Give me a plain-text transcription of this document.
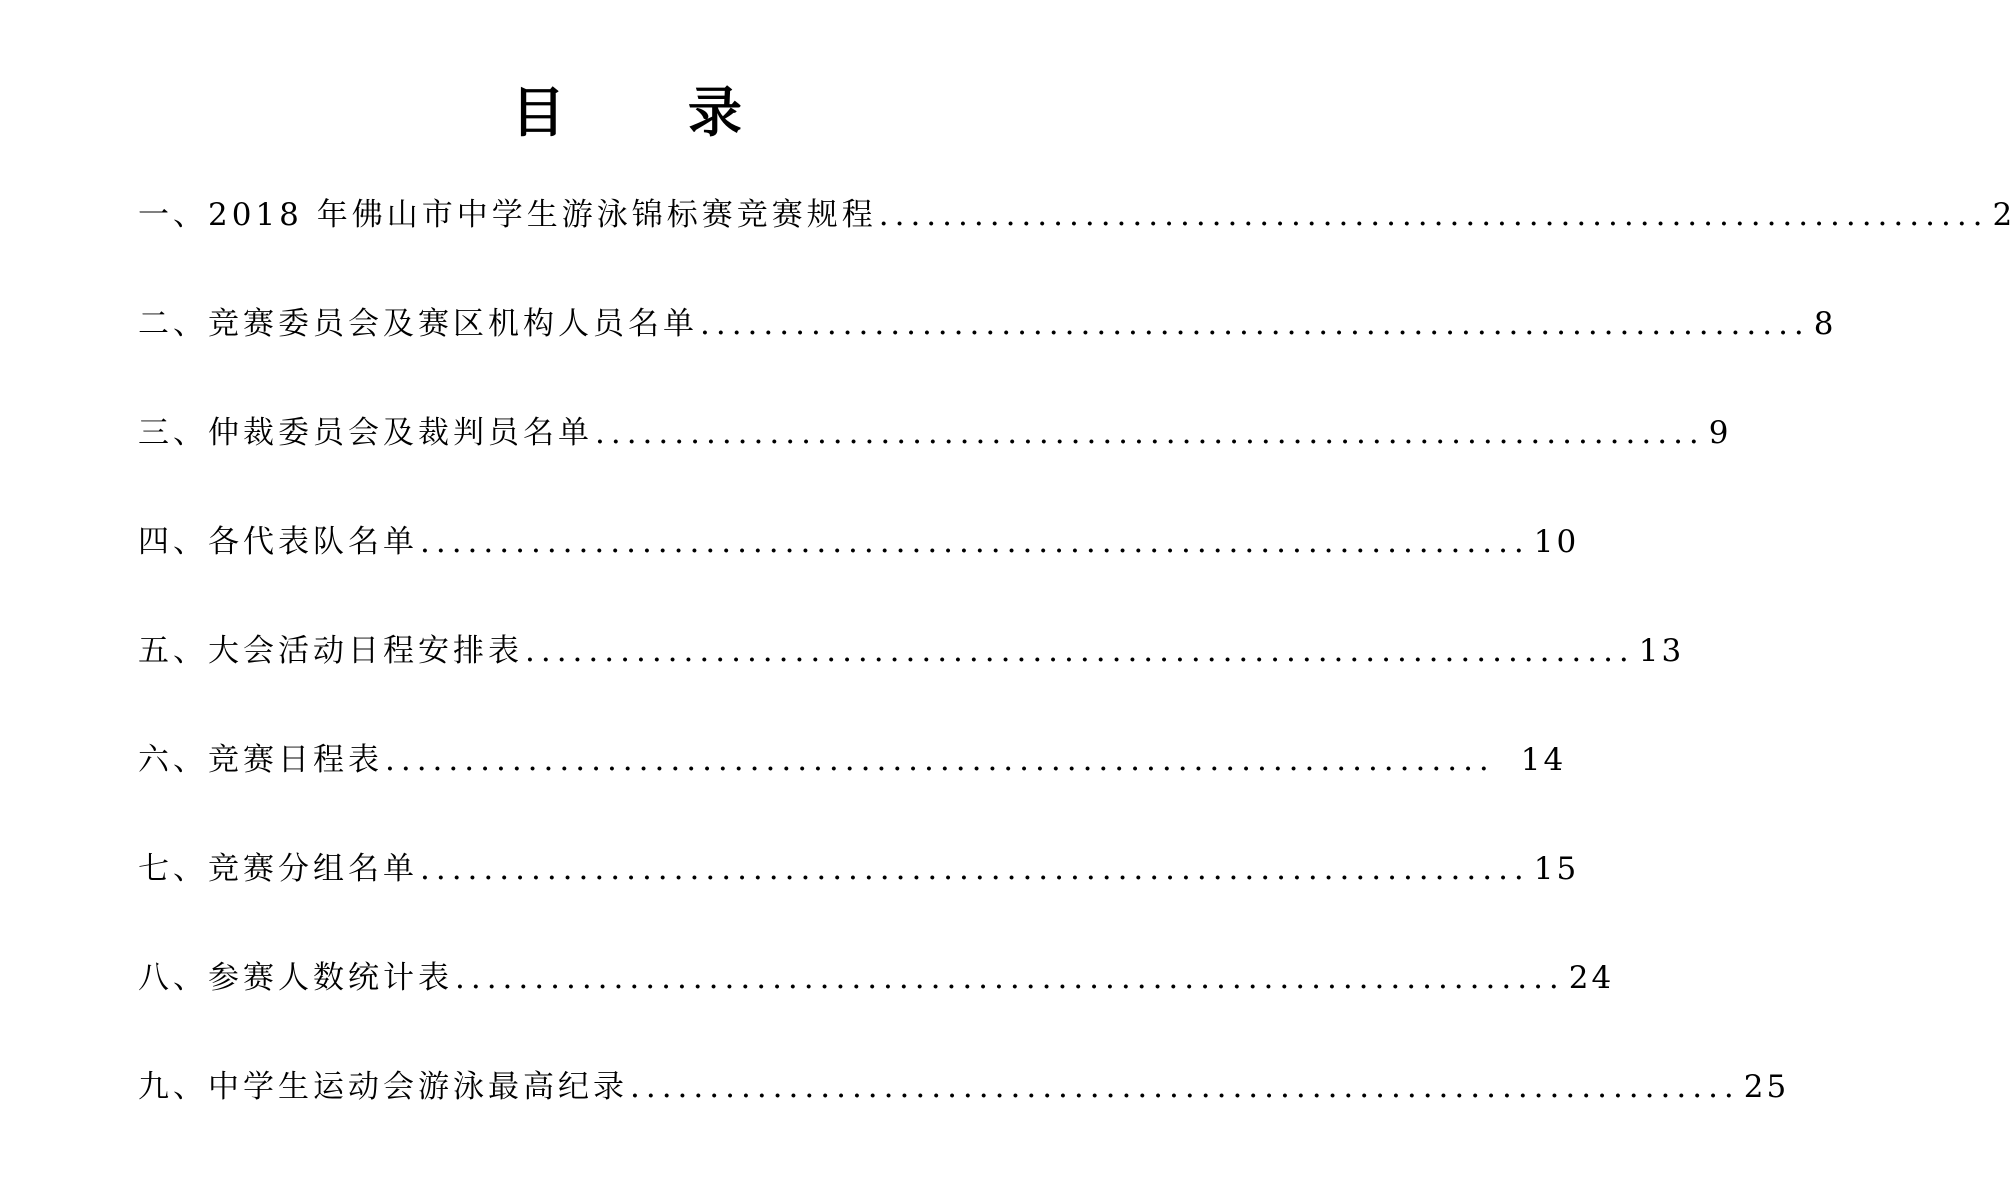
目 录
一、2018 年佛山市中学生游泳锦标赛竞赛规程 ...................................................................... 2
二、竞赛委员会及赛区机构人员名单 ...................................................................... 8
三、仲裁委员会及裁判员名单 ...................................................................... 9
四、各代表队名单 ...................................................................... 10
五、大会活动日程安排表 ...................................................................... 13
六、竞赛日程表 ...................................................................... 14
七、竞赛分组名单 ...................................................................... 15
八、参赛人数统计表 ...................................................................... 24
九、中学生运动会游泳最高纪录 ...................................................................... 25
